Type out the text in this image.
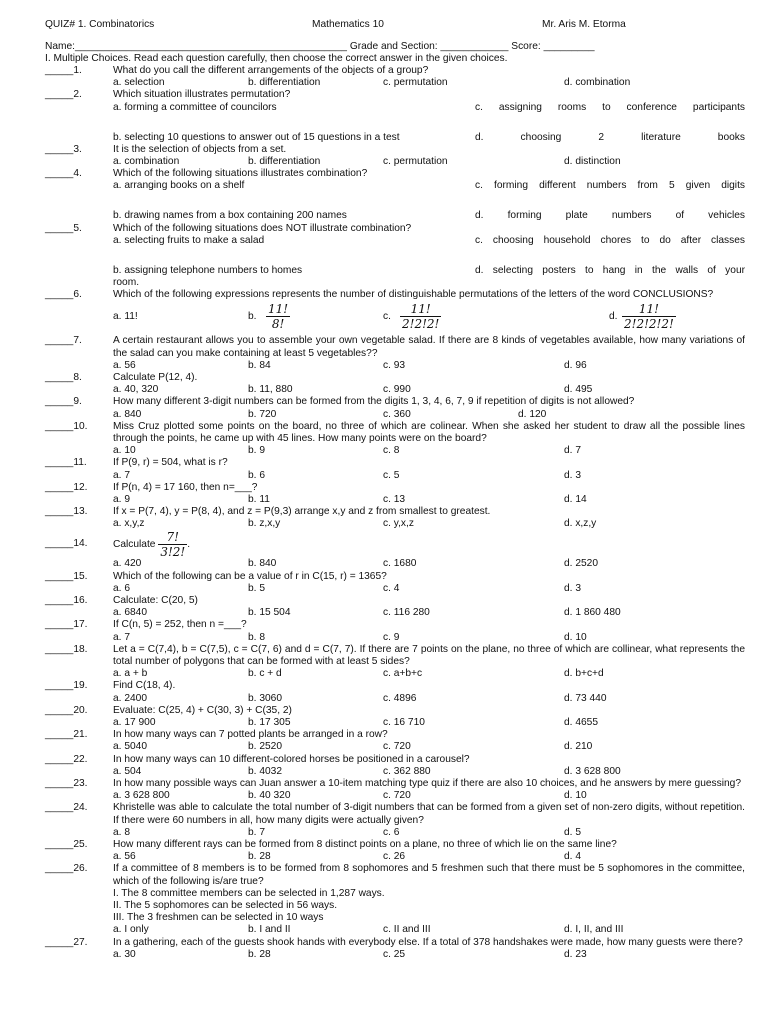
QUIZ# 1. Combinatorics	Mathematics 10	Mr. Aris M. Etorma
Name:________________________________________________ Grade and Section: ____________ Score: _________
I. Multiple Choices. Read each question carefully, then choose the correct answer in the given choices.
_____1.	What do you call the different arrangements of the objects of a group?
a. selection	b. differentiation	c. permutation	d. combination
_____2.	Which situation illustrates permutation?
a. forming a committee of councilors	c. assigning rooms to conference participants
b. selecting 10 questions to answer out of 15 questions in a test	d. choosing 2 literature books
_____3.	It is the selection of objects from a set.
a. combination	b. differentiation	c. permutation	d. distinction
_____4.	Which of the following situations illustrates combination?
a. arranging books on a shelf	c. forming different numbers from 5 given digits
b. drawing names from a box containing 200 names	d. forming plate numbers of vehicles
_____5.	Which of the following situations does NOT illustrate combination?
a. selecting fruits to make a salad	c. choosing household chores to do after classes
b. assigning telephone numbers to homes	d. selecting posters to hang in the walls of your
room.
_____6.	Which of the following expressions represents the number of distinguishable permutations of the letters of the word CONCLUSIONS?
a. 11!	b.	c.	d.
$\frac{11!}{8!}$	$\frac{11!}{2!2!2!}$	$\frac{11!}{2!2!2!2!}$
_____7.	A certain restaurant allows you to assemble your own vegetable salad. If there are 8 kinds of vegetables available, how many variations of the salad can you make containing at least 5 vegetables??
a. 56	b. 84	c. 93	d. 96
_____8.	Calculate P(12, 4).
a. 40, 320	b. 11, 880	c. 990	d. 495
_____9.	How many different 3-digit numbers can be formed from the digits 1, 3, 4, 6, 7, 9 if repetition of digits is not allowed?
a. 840	b. 720	c. 360	d. 120
_____10.	Miss Cruz plotted some points on the board, no three of which are colinear. When she asked her student to draw all the possible lines through the points, he came up with 45 lines. How many points were on the board?
a. 10	b. 9	c. 8	d. 7
_____11.	If P(9, r) = 504, what is r?
a. 7	b. 6	c. 5	d. 3
_____12.	If P(n, 4) = 17 160, then n=___?
a. 9	b. 11	c. 13	d. 14
_____13.	If x = P(7, 4), y = P(8, 4), and z = P(9,3) arrange x,y and z from smallest to greatest.
a. x,y,z	b. z,x,y	c. y,x,z	d. x,z,y
_____14.	Calculate $\frac{7!}{3!2!}$ .
a. 420	b. 840	c. 1680	d. 2520
_____15.	Which of the following can be a value of r in C(15, r) = 1365?
a. 6	b. 5	c. 4	d. 3
_____16.	Calculate: C(20, 5)
a. 6840	b. 15 504	c. 116 280	d. 1 860 480
_____17.	If C(n, 5) = 252, then n =___?
a. 7	b. 8	c. 9	d. 10
_____18.	Let a = C(7,4), b = C(7,5), c = C(7, 6) and d = C(7, 7). If there are 7 points on the plane, no three of which are collinear, what represents the total number of polygons that can be formed with at least 5 sides?
a. a + b	b. c + d	c. a+b+c	d. b+c+d
_____19.	Find C(18, 4).
a. 2400	b. 3060	c. 4896	d. 73 440
_____20.	Evaluate: C(25, 4) + C(30, 3) + C(35, 2)
a. 17 900	b. 17 305	c. 16 710	d. 4655
_____21.	In how many ways can 7 potted plants be arranged in a row?
a. 5040	b. 2520	c. 720	d. 210
_____22.	In how many ways can 10 different-colored horses be positioned in a carousel?
a. 504	b. 4032	c. 362 880	d. 3 628 800
_____23.	In how many possible ways can Juan answer a 10-item matching type quiz if there are also 10 choices, and he answers by mere guessing?
a. 3 628 800	b. 40 320	c. 720	d. 10
_____24.	Khristelle was able to calculate the total number of 3-digit numbers that can be formed from a given set of non-zero digits, without repetition. If there were 60 numbers in all, how many digits were actually given?
a. 8	b. 7	c. 6	d. 5
_____25.	How many different rays can be formed from 8 distinct points on a plane, no three of which lie on the same line?
a. 56	b. 28	c. 26	d. 4
_____26.	If a committee of 8 members is to be formed from 8 sophomores and 5 freshmen such that there must be 5 sophomores in the committee, which of the following is/are true?
I. The 8 committee members can be selected in 1,287 ways.
II. The 5 sophomores can be selected in 56 ways.
III. The 3 freshmen can be selected in 10 ways
a. I only	b. I and II	c. II and III	d. I, II, and III
_____27.	In a gathering, each of the guests shook hands with everybody else. If a total of 378 handshakes were made, how many guests were there?
a. 30	b. 28	c. 25	d. 23
